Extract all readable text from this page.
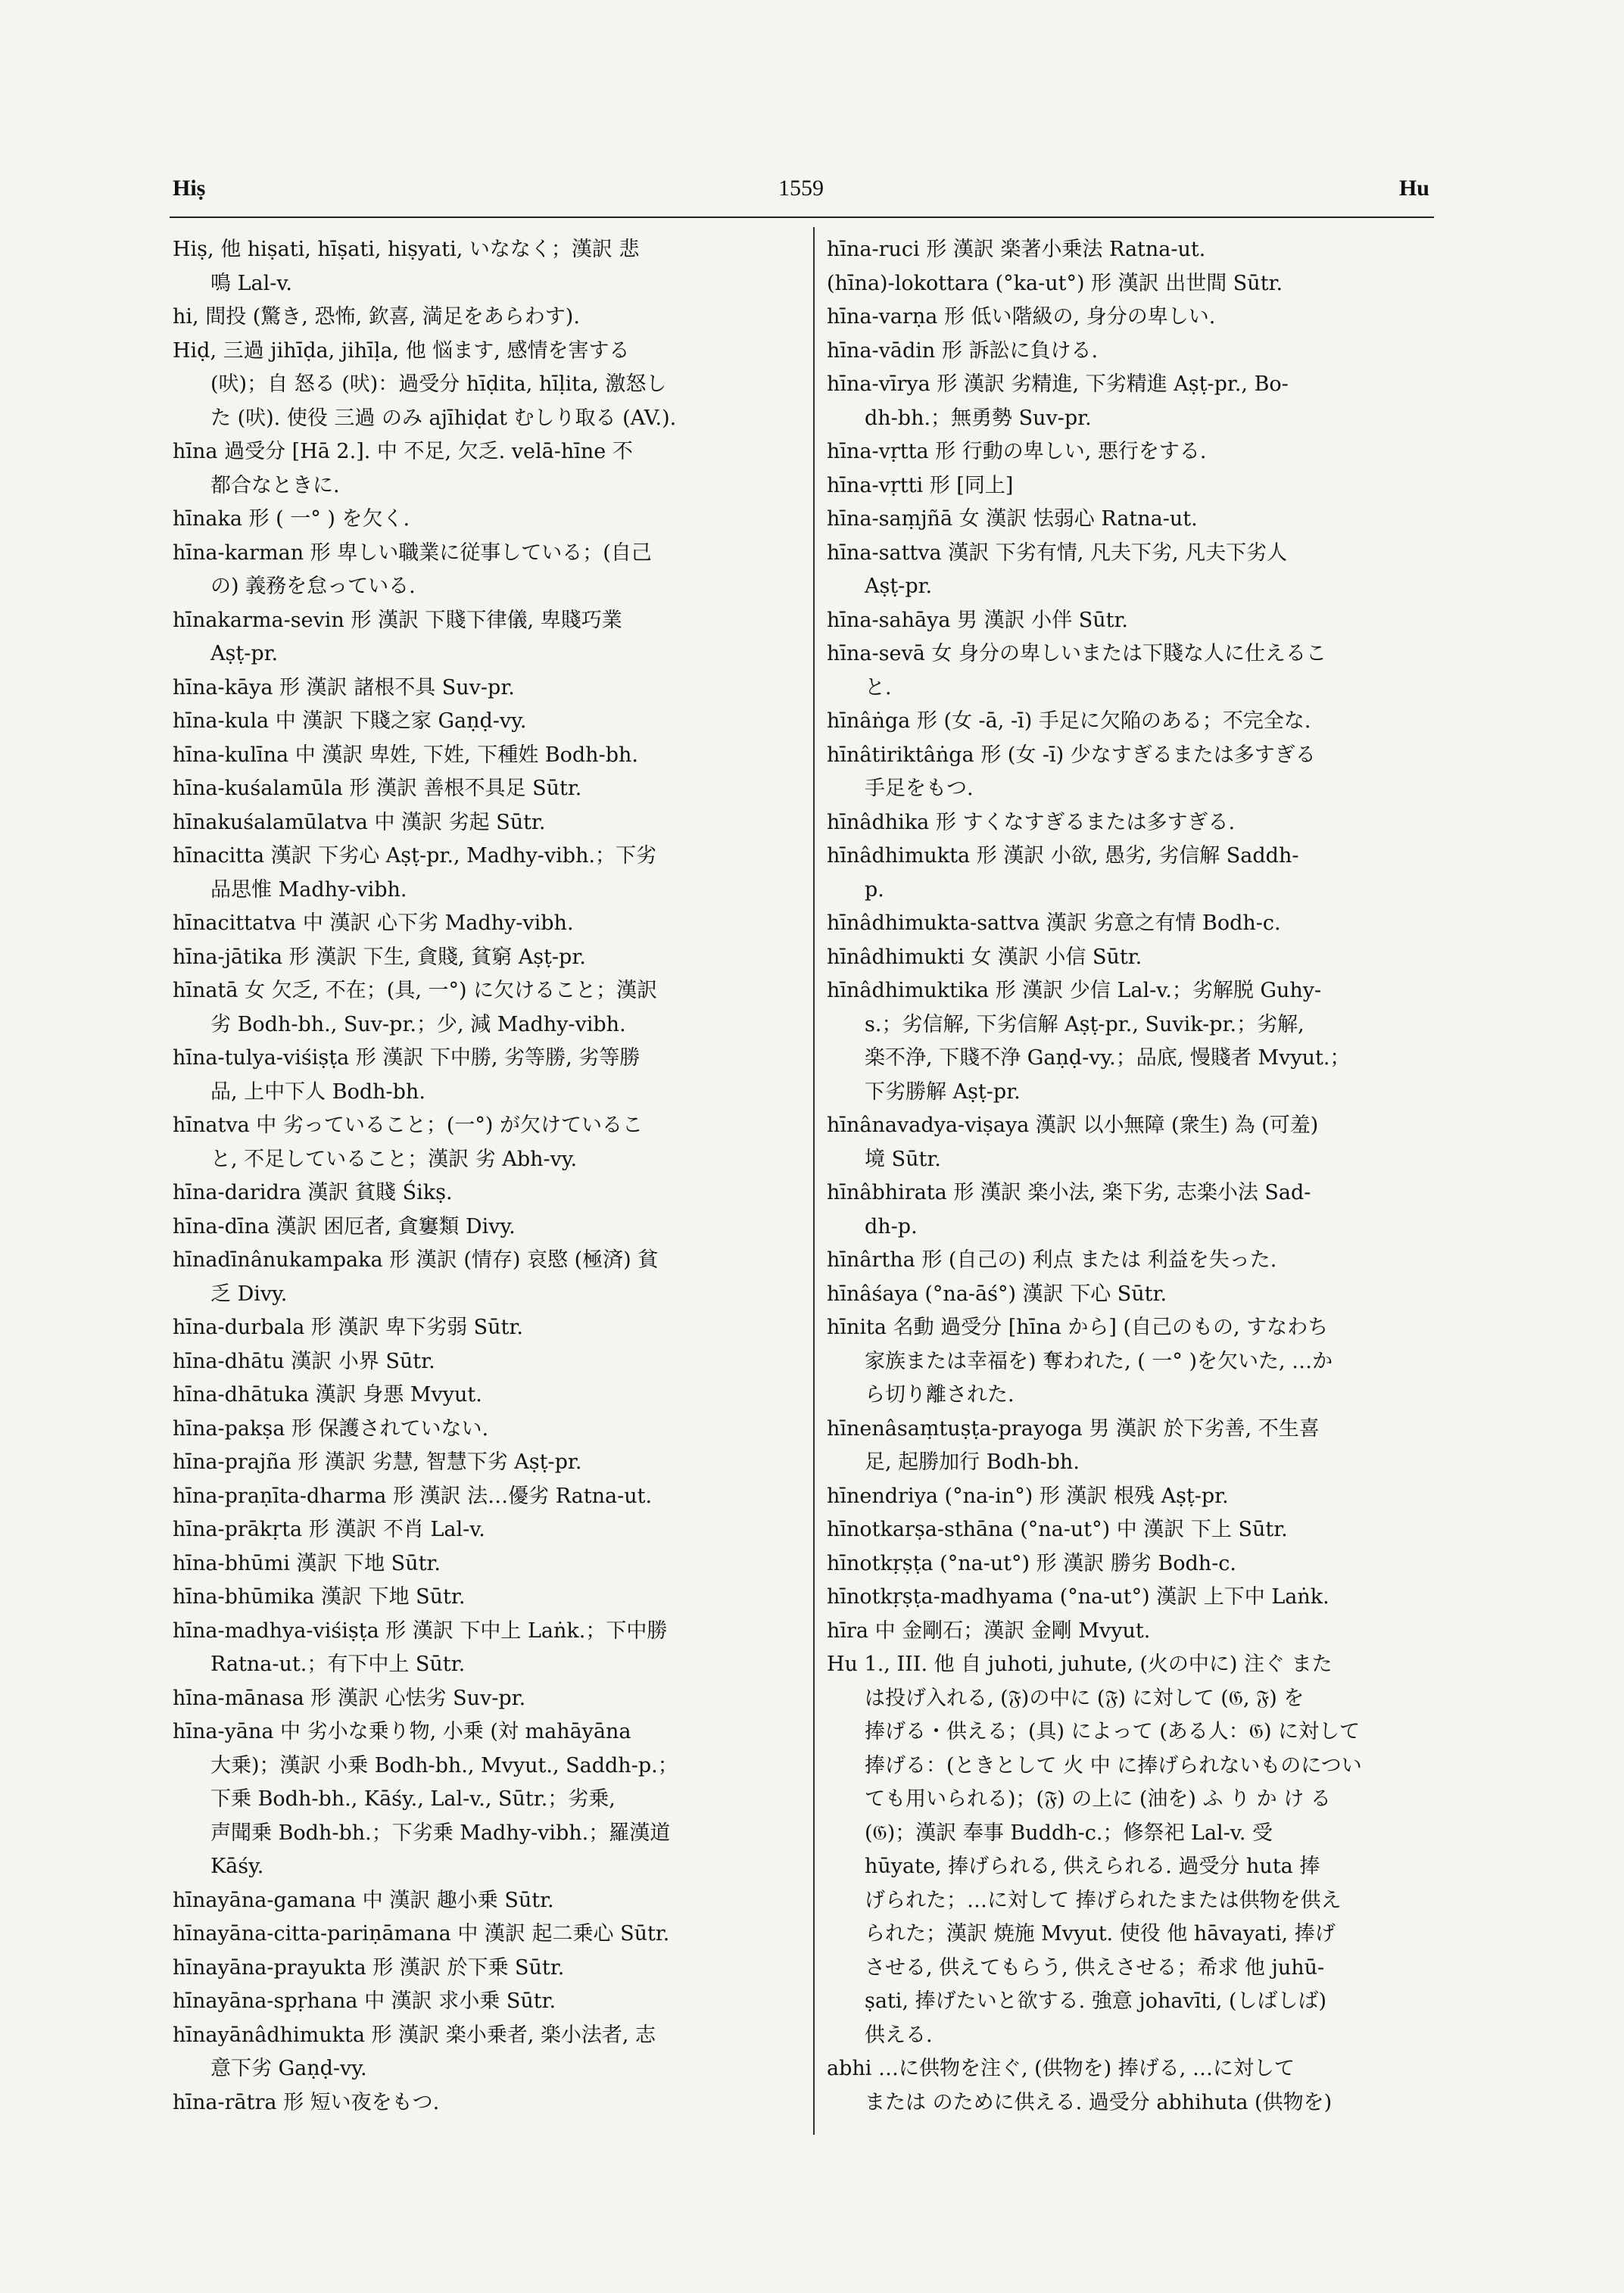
Hiṣ	1559	Hu

Hiṣ, 他 hiṣati, hīṣati, hiṣyati, いななく；漢訳 悲
鳴 Lal-v.

hi, 間投 (驚き, 恐怖, 欽喜, 満足をあらわす).

Hiḍ, 三過 jihīḍa, jihīḷa, 他 悩ます, 感情を害する
(吠)；自 怒る (吠)：過受分 hīḍita, hīḷita, 激怒し
た (吠). 使役 三過 のみ ajīhiḍat むしり取る (AV.).

hīna 過受分 [Hā 2.]. 中 不足, 欠乏. velā-hīne 不
都合なときに.

hīnaka 形 ( 一° ) を欠く.

hīna-karman 形 卑しい職業に従事している；(自己
の) 義務を怠っている.

hīnakarma-sevin 形 漢訳 下賤下律儀, 卑賤巧業
Aṣṭ-pr.

hīna-kāya 形 漢訳 諸根不具 Suv-pr.

hīna-kula 中 漢訳 下賤之家 Gaṇḍ-vy.

hīna-kulīna 中 漢訳 卑姓, 下姓, 下種姓 Bodh-bh.

hīna-kuśalamūla 形 漢訳 善根不具足 Sūtr.

hīnakuśalamūlatva 中 漢訳 劣起 Sūtr.

hīnacitta 漢訳 下劣心 Aṣṭ-pr., Madhy-vibh.；下劣
品思惟 Madhy-vibh.

hīnacittatva 中 漢訳 心下劣 Madhy-vibh.

hīna-jātika 形 漢訳 下生, 貪賤, 貧窮 Aṣṭ-pr.

hīnatā 女 欠乏, 不在；(具, 一°) に欠けること；漢訳
劣 Bodh-bh., Suv-pr.；少, 減 Madhy-vibh.

hīna-tulya-viśiṣṭa 形 漢訳 下中勝, 劣等勝, 劣等勝
品, 上中下人 Bodh-bh.

hīnatva 中 劣っていること；(一°) が欠けているこ
と, 不足していること；漢訳 劣 Abh-vy.

hīna-daridra 漢訳 貧賤 Śikṣ.

hīna-dīna 漢訳 困厄者, 貪窶類 Divy.

hīnadīnânukampaka 形 漢訳 (情存) 哀愍 (極済) 貧
乏 Divy.

hīna-durbala 形 漢訳 卑下劣弱 Sūtr.

hīna-dhātu 漢訳 小界 Sūtr.

hīna-dhātuka 漢訳 身悪 Mvyut.

hīna-pakṣa 形 保護されていない.

hīna-prajña 形 漢訳 劣慧, 智慧下劣 Aṣṭ-pr.

hīna-praṇīta-dharma 形 漢訳 法…優劣 Ratna-ut.

hīna-prākṛta 形 漢訳 不肖 Lal-v.

hīna-bhūmi 漢訳 下地 Sūtr.

hīna-bhūmika 漢訳 下地 Sūtr.

hīna-madhya-viśiṣṭa 形 漢訳 下中上 Laṅk.；下中勝
Ratna-ut.；有下中上 Sūtr.

hīna-mānasa 形 漢訳 心怯劣 Suv-pr.

hīna-yāna 中 劣小な乗り物, 小乗 (対 mahāyāna
大乗)；漢訳 小乗 Bodh-bh., Mvyut., Saddh-p.；
下乗 Bodh-bh., Kāśy., Lal-v., Sūtr.；劣乗,
声聞乗 Bodh-bh.；下劣乗 Madhy-vibh.；羅漢道
Kāśy.

hīnayāna-gamana 中 漢訳 趣小乗 Sūtr.

hīnayāna-citta-pariṇāmana 中 漢訳 起二乗心 Sūtr.

hīnayāna-prayukta 形 漢訳 於下乗 Sūtr.

hīnayāna-spṛhana 中 漢訳 求小乗 Sūtr.

hīnayānâdhimukta 形 漢訳 楽小乗者, 楽小法者, 志
意下劣 Gaṇḍ-vy.

hīna-rātra 形 短い夜をもつ.

hīna-ruci 形 漢訳 楽著小乗法 Ratna-ut.

(hīna)-lokottara (°ka-ut°) 形 漢訳 出世間 Sūtr.

hīna-varṇa 形 低い階級の, 身分の卑しい.

hīna-vādin 形 訴訟に負ける.

hīna-vīrya 形 漢訳 劣精進, 下劣精進 Aṣṭ-pr., Bo-
dh-bh.；無勇勢 Suv-pr.

hīna-vṛtta 形 行動の卑しい, 悪行をする.

hīna-vṛtti 形 [同上]

hīna-saṃjñā 女 漢訳 怯弱心 Ratna-ut.

hīna-sattva 漢訳 下劣有情, 凡夫下劣, 凡夫下劣人
Aṣṭ-pr.

hīna-sahāya 男 漢訳 小伴 Sūtr.

hīna-sevā 女 身分の卑しいまたは下賤な人に仕えるこ
と.

hīnâṅga 形 (女 -ā, -ī) 手足に欠陥のある；不完全な.

hīnâtiriktâṅga 形 (女 -ī) 少なすぎるまたは多すぎる
手足をもつ.

hīnâdhika 形 すくなすぎるまたは多すぎる.

hīnâdhimukta 形 漢訳 小欲, 愚劣, 劣信解 Saddh-
p.

hīnâdhimukta-sattva 漢訳 劣意之有情 Bodh-c.

hīnâdhimukti 女 漢訳 小信 Sūtr.

hīnâdhimuktika 形 漢訳 少信 Lal-v.；劣解脱 Guhy-
s.；劣信解, 下劣信解 Aṣṭ-pr., Suvik-pr.；劣解,
楽不浄, 下賤不浄 Gaṇḍ-vy.；品底, 慢賤者 Mvyut.；
下劣勝解 Aṣṭ-pr.

hīnânavadya-viṣaya 漢訳 以小無障 (衆生) 為 (可羞)
境 Sūtr.

hīnâbhirata 形 漢訳 楽小法, 楽下劣, 志楽小法 Sad-
dh-p.

hīnârtha 形 (自己の) 利点 または 利益を失った.

hīnâśaya (°na-āś°) 漢訳 下心 Sūtr.

hīnita 名動 過受分 [hīna から] (自己のもの, すなわち
家族または幸福を) 奪われた, ( 一° )を欠いた, …か
ら切り離された.

hīnenâsaṃtuṣṭa-prayoga 男 漢訳 於下劣善, 不生喜
足, 起勝加行 Bodh-bh.

hīnendriya (°na-in°) 形 漢訳 根残 Aṣṭ-pr.

hīnotkarṣa-sthāna (°na-ut°) 中 漢訳 下上 Sūtr.

hīnotkṛṣṭa (°na-ut°) 形 漢訳 勝劣 Bodh-c.

hīnotkṛṣṭa-madhyama (°na-ut°) 漢訳 上下中 Laṅk.

hīra 中 金剛石；漢訳 金剛 Mvyut.

Hu 1., III. 他 自 juhoti, juhute, (火の中に) 注ぐ また
は投げ入れる, (𝔉)の中に (𝔉) に対して (𝔊, 𝔉) を
捧げる・供える；(具) によって (ある人：𝔊) に対して
捧げる：(ときとして 火 中 に捧げられないものについ
ても用いられる)；(𝔉) の上に (油を) ふ り か け る
(𝔊)；漢訳 奉事 Buddh-c.；修祭祀 Lal-v. 受
hūyate, 捧げられる, 供えられる. 過受分 huta 捧
げられた；…に対して 捧げられたまたは供物を供え
られた；漢訳 焼施 Mvyut. 使役 他 hāvayati, 捧げ
させる, 供えてもらう, 供えさせる；希求 他 juhū-
ṣati, 捧げたいと欲する. 強意 johavīti, (しばしば)
供える.

abhi …に供物を注ぐ, (供物を) 捧げる, …に対して
または のために供える. 過受分 abhihuta (供物を)
